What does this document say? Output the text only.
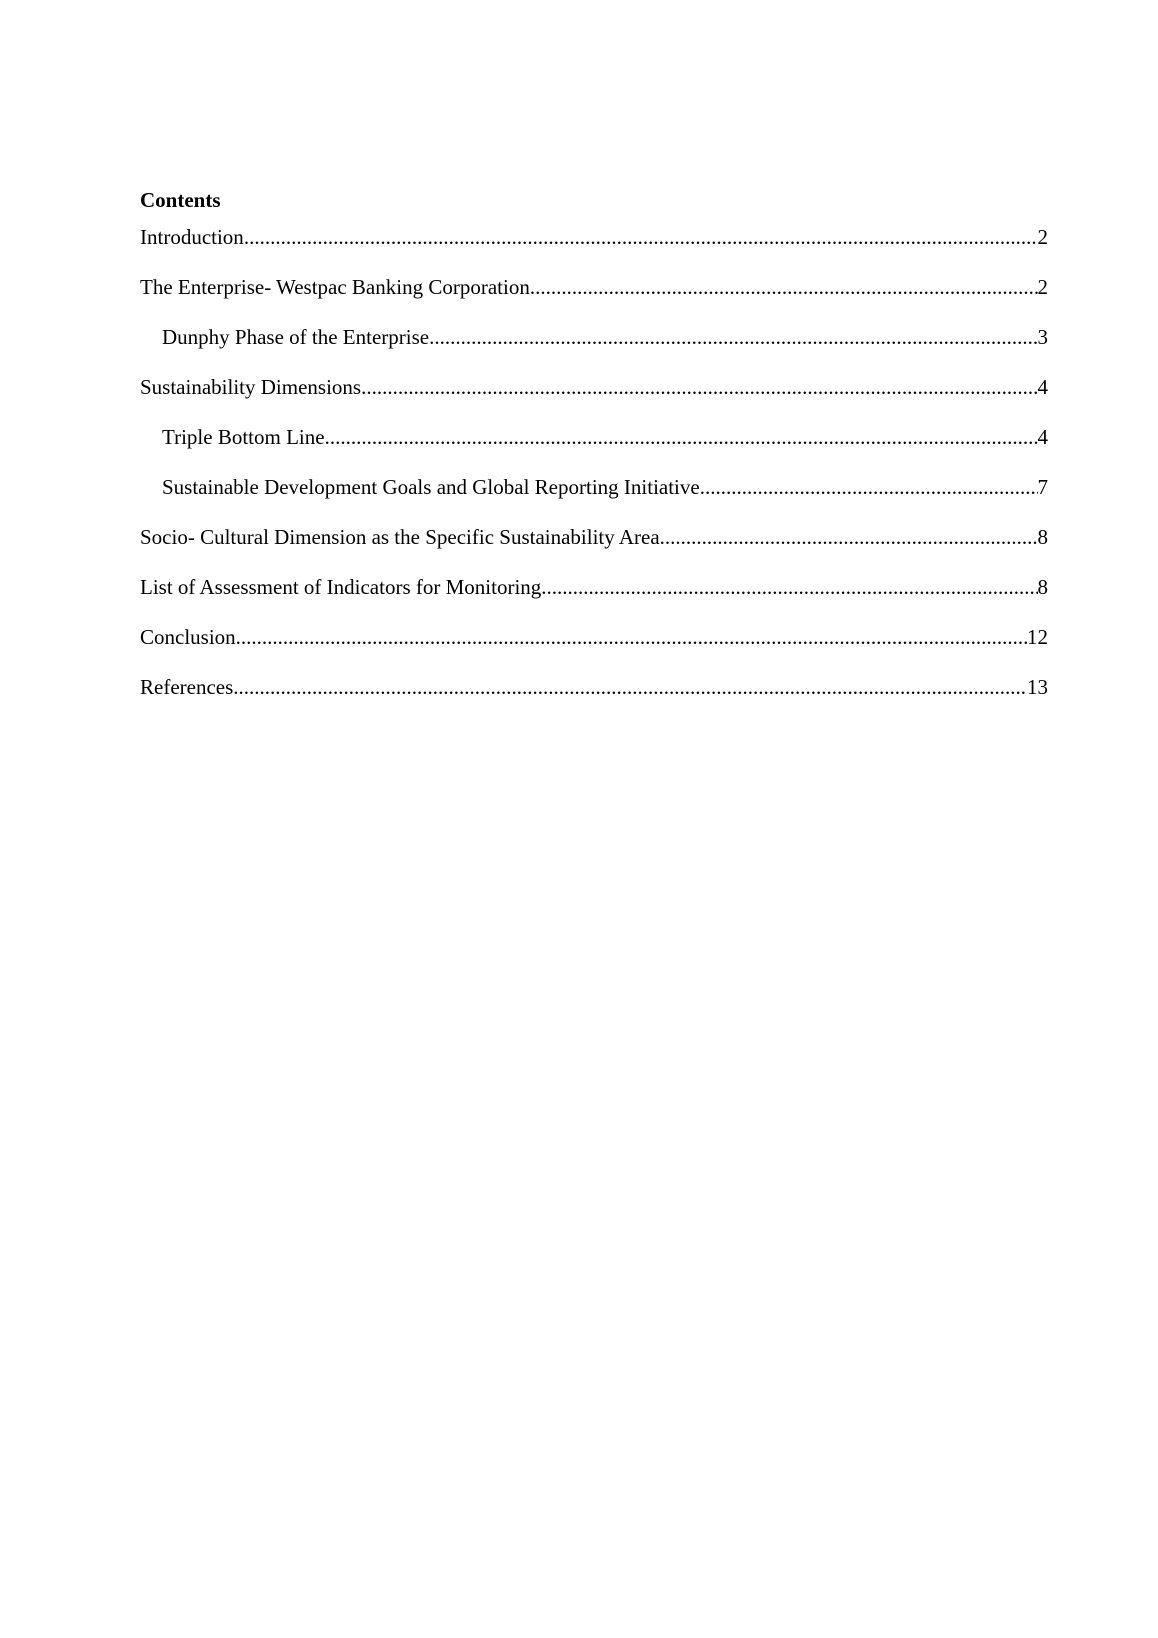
Contents
Introduction .....	2
The Enterprise- Westpac Banking Corporation .....	2
Dunphy Phase of the Enterprise .....	3
Sustainability Dimensions .....	4
Triple Bottom Line .....	4
Sustainable Development Goals and Global Reporting Initiative .....	7
Socio- Cultural Dimension as the Specific Sustainability Area .....	8
List of Assessment of Indicators for Monitoring .....	8
Conclusion .....	12
References .....	13
